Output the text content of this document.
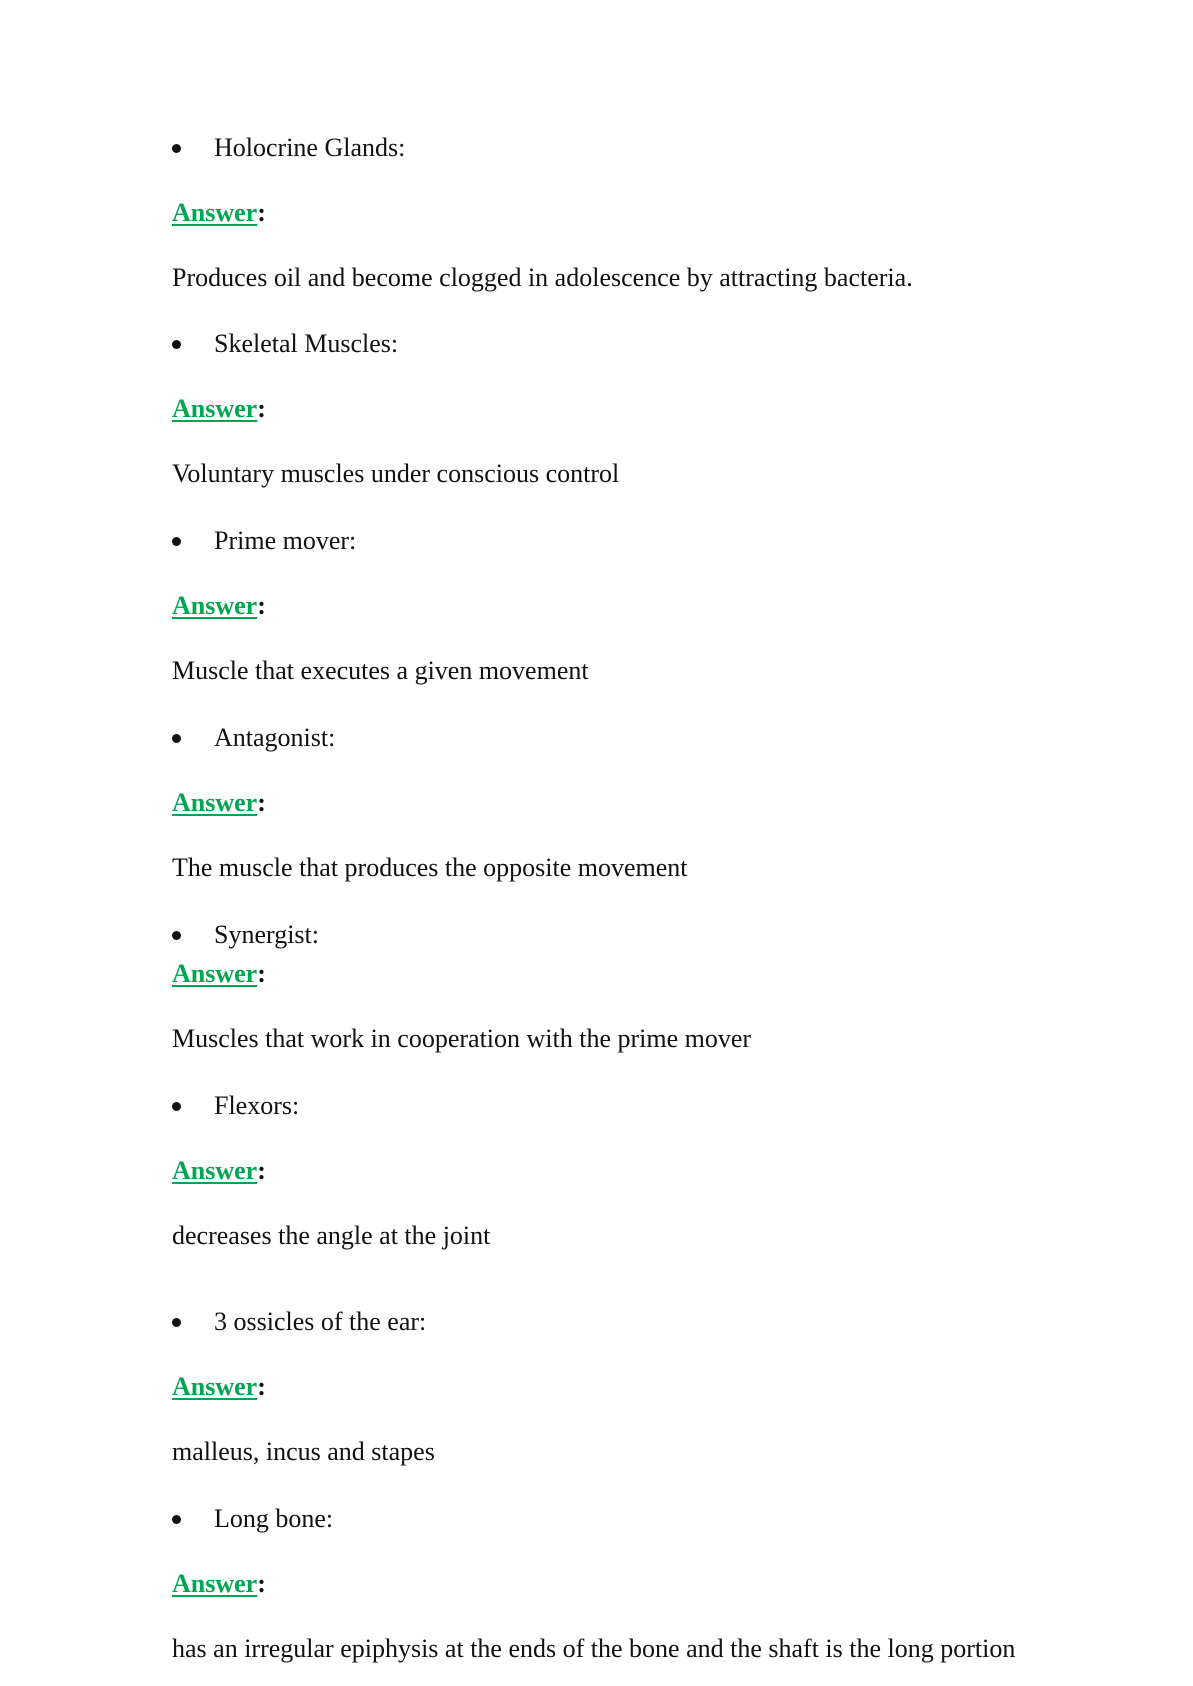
Holocrine Glands:
Answer:
Produces oil and become clogged in adolescence by attracting bacteria.
Skeletal Muscles:
Answer:
Voluntary muscles under conscious control
Prime mover:
Answer:
Muscle that executes a given movement
Antagonist:
Answer:
The muscle that produces the opposite movement
Synergist:
Answer:
Muscles that work in cooperation with the prime mover
Flexors:
Answer:
decreases the angle at the joint
3 ossicles of the ear:
Answer:
malleus, incus and stapes
Long bone:
Answer:
has an irregular epiphysis at the ends of the bone and the shaft is the long portion
